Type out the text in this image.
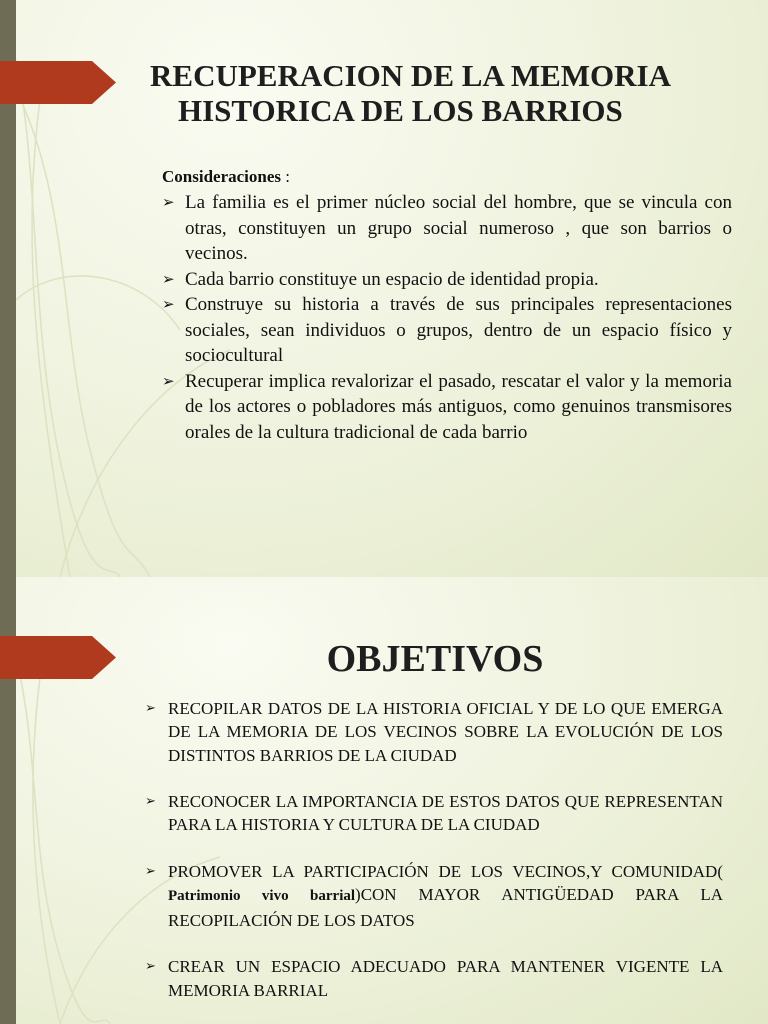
RECUPERACION DE LA MEMORIA
HISTORICA DE LOS BARRIOS
Consideraciones :
➢ La familia es el primer núcleo social del hombre, que se vincula con otras, constituyen un grupo social numeroso , que son barrios o vecinos.
➢ Cada barrio constituye un espacio de identidad propia.
➢ Construye su historia a través de sus principales representaciones sociales, sean individuos o grupos, dentro de un espacio físico y sociocultural
➢ Recuperar implica revalorizar el pasado, rescatar el valor y la memoria de los actores o pobladores más antiguos, como genuinos transmisores orales de la cultura tradicional de cada barrio
OBJETIVOS
➢ RECOPILAR DATOS DE LA HISTORIA OFICIAL Y DE LO QUE EMERGA DE LA MEMORIA DE LOS VECINOS SOBRE LA EVOLUCIÓN DE LOS DISTINTOS BARRIOS DE LA CIUDAD
➢ RECONOCER LA IMPORTANCIA DE ESTOS DATOS QUE REPRESENTAN PARA LA HISTORIA Y CULTURA DE LA CIUDAD
➢ PROMOVER LA PARTICIPACIÓN DE LOS VECINOS,Y COMUNIDAD( Patrimonio vivo barrial)CON MAYOR ANTIGÜEDAD PARA LA RECOPILACIÓN DE LOS DATOS
➢ CREAR UN ESPACIO ADECUADO PARA MANTENER VIGENTE LA MEMORIA BARRIAL
